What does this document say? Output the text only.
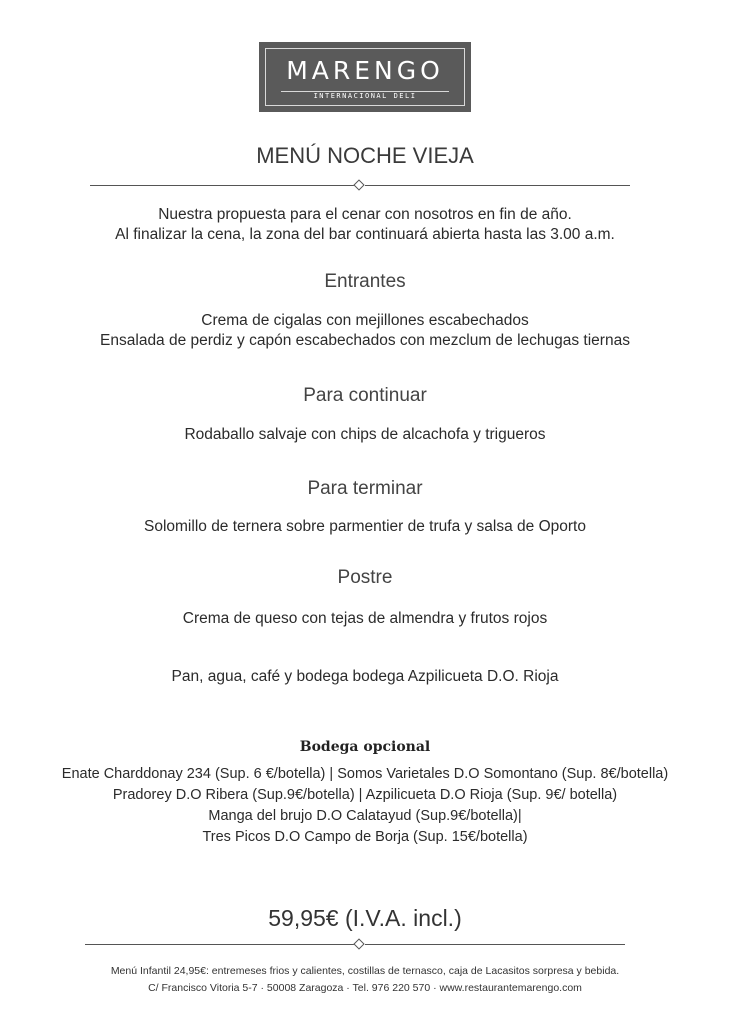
MARENGO
INTERNACIONAL DELI
MENÚ NOCHE VIEJA
Nuestra propuesta para el cenar con nosotros en fin de año.
Al finalizar la cena, la zona del bar continuará abierta hasta las 3.00 a.m.
Entrantes
Crema de cigalas con mejillones escabechados
Ensalada de perdiz y capón escabechados con mezclum de lechugas tiernas
Para continuar
Rodaballo salvaje con chips de alcachofa y trigueros
Para terminar
Solomillo de ternera sobre parmentier de trufa y salsa de Oporto
Postre
Crema de queso con tejas de almendra y frutos rojos
Pan, agua, café y bodega bodega Azpilicueta D.O. Rioja
Bodega opcional
Enate Charddonay 234 (Sup. 6 €/botella) | Somos Varietales D.O Somontano (Sup. 8€/botella)
Pradorey D.O Ribera (Sup.9€/botella) | Azpilicueta D.O Rioja (Sup. 9€/ botella)
Manga del brujo D.O Calatayud (Sup.9€/botella)|
Tres Picos D.O Campo de Borja (Sup. 15€/botella)
59,95€ (I.V.A. incl.)
Menú Infantil 24,95€: entremeses frios y calientes, costillas de ternasco, caja de Lacasitos sorpresa y bebida.
C/ Francisco Vitoria 5-7 · 50008 Zaragoza · Tel. 976 220 570 · www.restaurantemarengo.com
